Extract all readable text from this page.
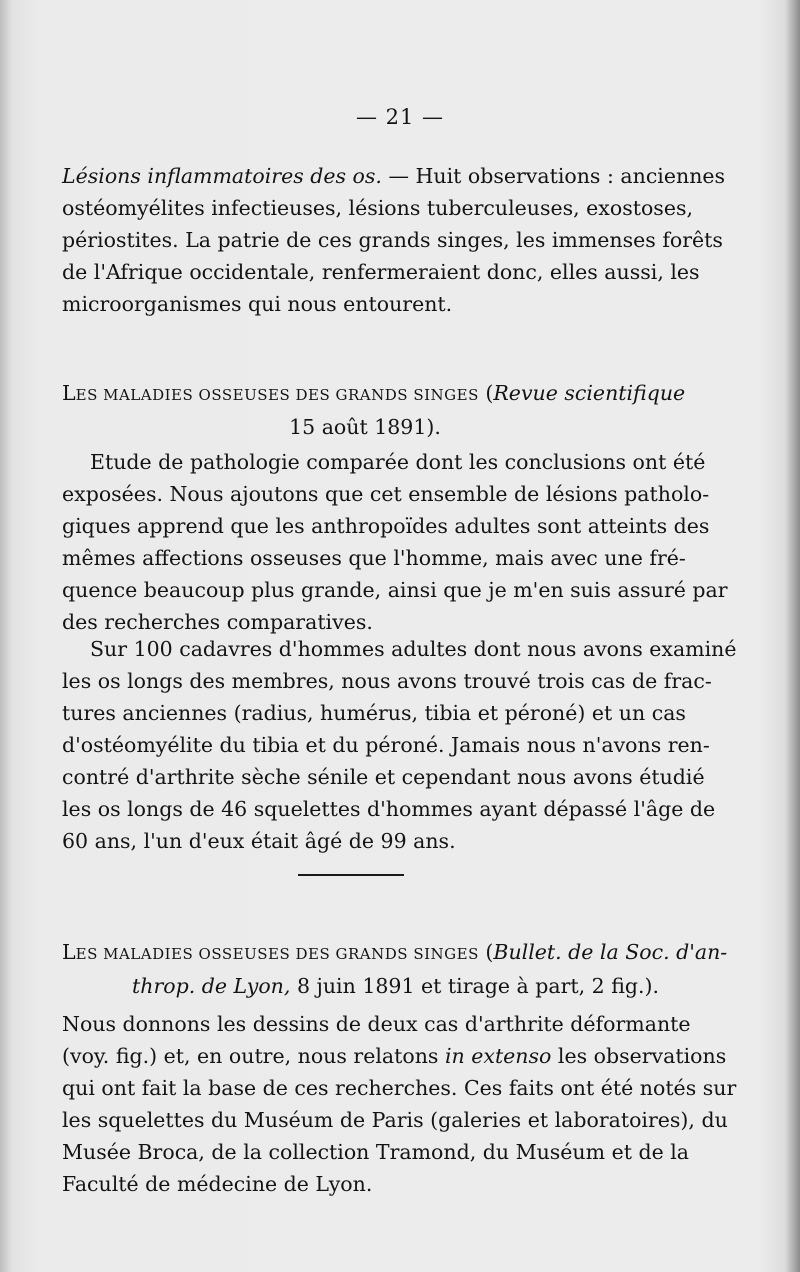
— 21 —
Lésions inflammatoires des os. — Huit observations : anciennes
ostéomyélites infectieuses, lésions tuberculeuses, exostoses,
périostites. La patrie de ces grands singes, les immenses forêts
de l'Afrique occidentale, renfermeraient donc, elles aussi, les
microorganismes qui nous entourent.
LES MALADIES OSSEUSES DES GRANDS SINGES (Revue scientifique
15 août 1891).
Etude de pathologie comparée dont les conclusions ont été
exposées. Nous ajoutons que cet ensemble de lésions patholo-
giques apprend que les anthropoïdes adultes sont atteints des
mêmes affections osseuses que l'homme, mais avec une fré-
quence beaucoup plus grande, ainsi que je m'en suis assuré par
des recherches comparatives.
Sur 100 cadavres d'hommes adultes dont nous avons examiné
les os longs des membres, nous avons trouvé trois cas de frac-
tures anciennes (radius, humérus, tibia et péroné) et un cas
d'ostéomyélite du tibia et du péroné. Jamais nous n'avons ren-
contré d'arthrite sèche sénile et cependant nous avons étudié
les os longs de 46 squelettes d'hommes ayant dépassé l'âge de
60 ans, l'un d'eux était âgé de 99 ans.
LES MALADIES OSSEUSES DES GRANDS SINGES (Bullet. de la Soc. d'an-
throp. de Lyon, 8 juin 1891 et tirage à part, 2 fig.).
Nous donnons les dessins de deux cas d'arthrite déformante
(voy. fig.) et, en outre, nous relatons in extenso les observations
qui ont fait la base de ces recherches. Ces faits ont été notés sur
les squelettes du Muséum de Paris (galeries et laboratoires), du
Musée Broca, de la collection Tramond, du Muséum et de la
Faculté de médecine de Lyon.
